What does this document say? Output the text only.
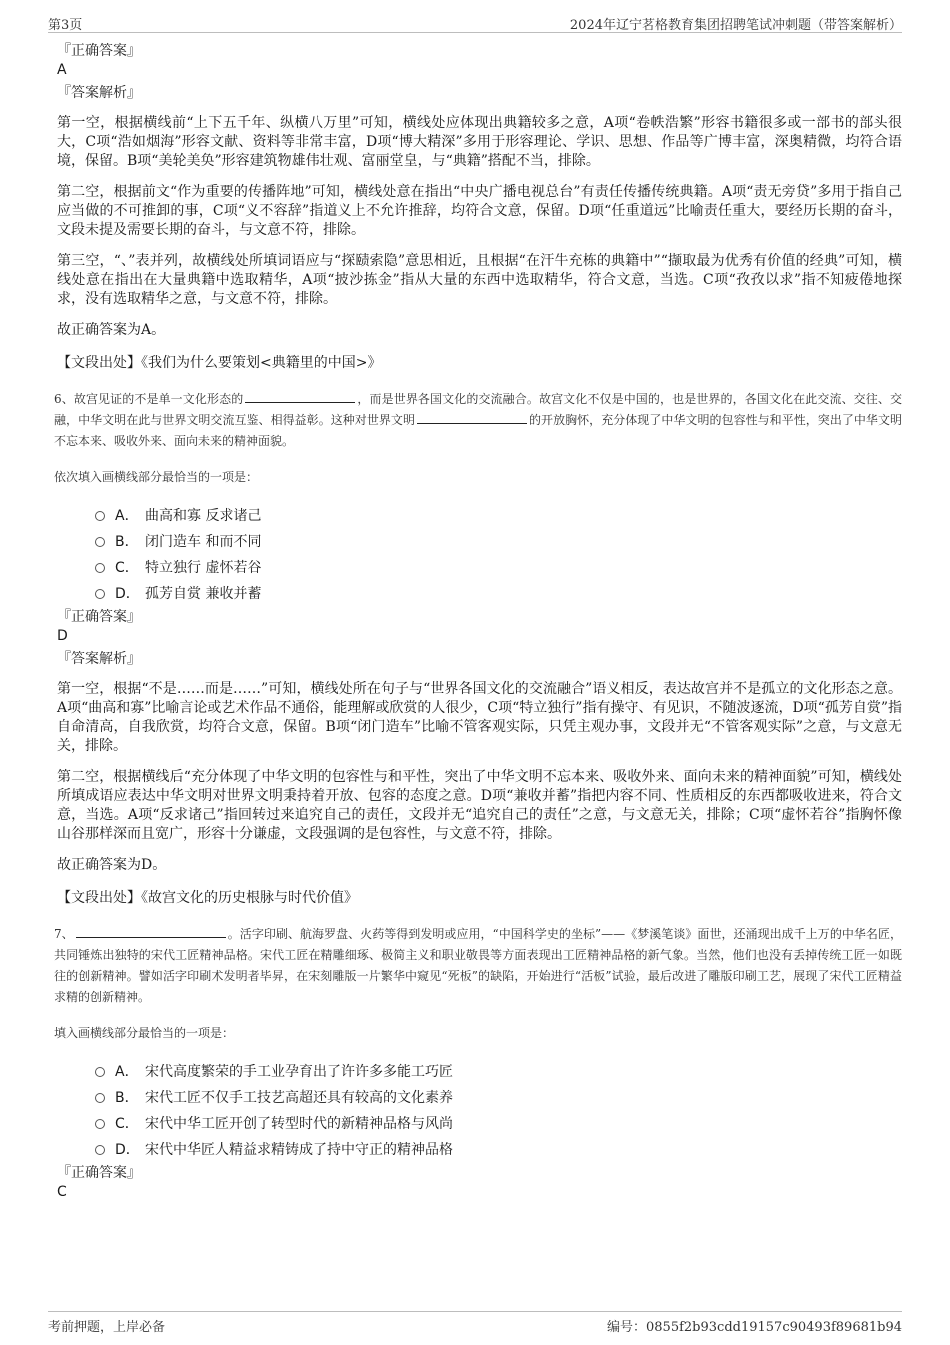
第3页	2024年辽宁茗格教育集团招聘笔试冲刺题（带答案解析）

『正确答案』

A

『答案解析』

第一空，根据横线前“上下五千年、纵横八万里”可知，横线处应体现出典籍较多之意，A项“卷帙浩繁”形容书籍很多或一部书的部头很大，C项“浩如烟海”形容文献、资料等非常丰富，D项“博大精深”多用于形容理论、学识、思想、作品等广博丰富，深奥精微，均符合语境，保留。B项“美轮美奂”形容建筑物雄伟壮观、富丽堂皇，与“典籍”搭配不当，排除。

第二空，根据前文“作为重要的传播阵地”可知，横线处意在指出“中央广播电视总台”有责任传播传统典籍。A项“责无旁贷”多用于指自己应当做的不可推卸的事，C项“义不容辞”指道义上不允许推辞，均符合文意，保留。D项“任重道远”比喻责任重大，要经历长期的奋斗，文段未提及需要长期的奋斗，与文意不符，排除。

第三空，“、”表并列，故横线处所填词语应与“探赜索隐”意思相近，且根据“在汗牛充栋的典籍中”“撷取最为优秀有价值的经典”可知，横线处意在指出在大量典籍中选取精华，A项“披沙拣金”指从大量的东西中选取精华，符合文意，当选。C项“孜孜以求”指不知疲倦地探求，没有选取精华之意，与文意不符，排除。

故正确答案为A。

【文段出处】《我们为什么要策划<典籍里的中国>》

6、故宫见证的不是单一文化形态的	，而是世界各国文化的交流融合。故宫文化不仅是中国的，也是世界的，各国文化在此交流、交往、交融，中华文明在此与世界文明交流互鉴、相得益彰。这种对世界文明	的开放胸怀，充分体现了中华文明的包容性与和平性，突出了中华文明不忘本来、吸收外来、面向未来的精神面貌。

依次填入画横线部分最恰当的一项是：

A． 曲高和寡 反求诸己
B． 闭门造车 和而不同
C． 特立独行 虚怀若谷
D． 孤芳自赏 兼收并蓄

『正确答案』

D

『答案解析』

第一空，根据“不是……而是……”可知，横线处所在句子与“世界各国文化的交流融合”语义相反，表达故宫并不是孤立的文化形态之意。A项“曲高和寡”比喻言论或艺术作品不通俗，能理解或欣赏的人很少，C项“特立独行”指有操守、有见识，不随波逐流，D项“孤芳自赏”指自命清高，自我欣赏，均符合文意，保留。B项“闭门造车”比喻不管客观实际，只凭主观办事，文段并无“不管客观实际”之意，与文意无关，排除。

第二空，根据横线后“充分体现了中华文明的包容性与和平性，突出了中华文明不忘本来、吸收外来、面向未来的精神面貌”可知，横线处所填成语应表达中华文明对世界文明秉持着开放、包容的态度之意。D项“兼收并蓄”指把内容不同、性质相反的东西都吸收进来，符合文意，当选。A项“反求诸己”指回转过来追究自己的责任，文段并无“追究自己的责任”之意，与文意无关，排除；C项“虚怀若谷”指胸怀像山谷那样深而且宽广，形容十分谦虚，文段强调的是包容性，与文意不符，排除。

故正确答案为D。

【文段出处】《故宫文化的历史根脉与时代价值》

7、	。活字印刷、航海罗盘、火药等得到发明或应用，“中国科学史的坐标”——《梦溪笔谈》面世，还涌现出成千上万的中华名匠，共同锤炼出独特的宋代工匠精神品格。宋代工匠在精雕细琢、极简主义和职业敬畏等方面表现出工匠精神品格的新气象。当然，他们也没有丢掉传统工匠一如既往的创新精神。譬如活字印刷术发明者毕昇，在宋刻雕版一片繁华中窥见“死板”的缺陷，开始进行“活板”试验，最后改进了雕版印刷工艺，展现了宋代工匠精益求精的创新精神。

填入画横线部分最恰当的一项是：

A． 宋代高度繁荣的手工业孕育出了许许多多能工巧匠
B． 宋代工匠不仅手工技艺高超还具有较高的文化素养
C． 宋代中华工匠开创了转型时代的新精神品格与风尚
D． 宋代中华匠人精益求精铸成了持中守正的精神品格

『正确答案』

C

考前押题，上岸必备	编号：0855f2b93cdd19157c90493f89681b94
